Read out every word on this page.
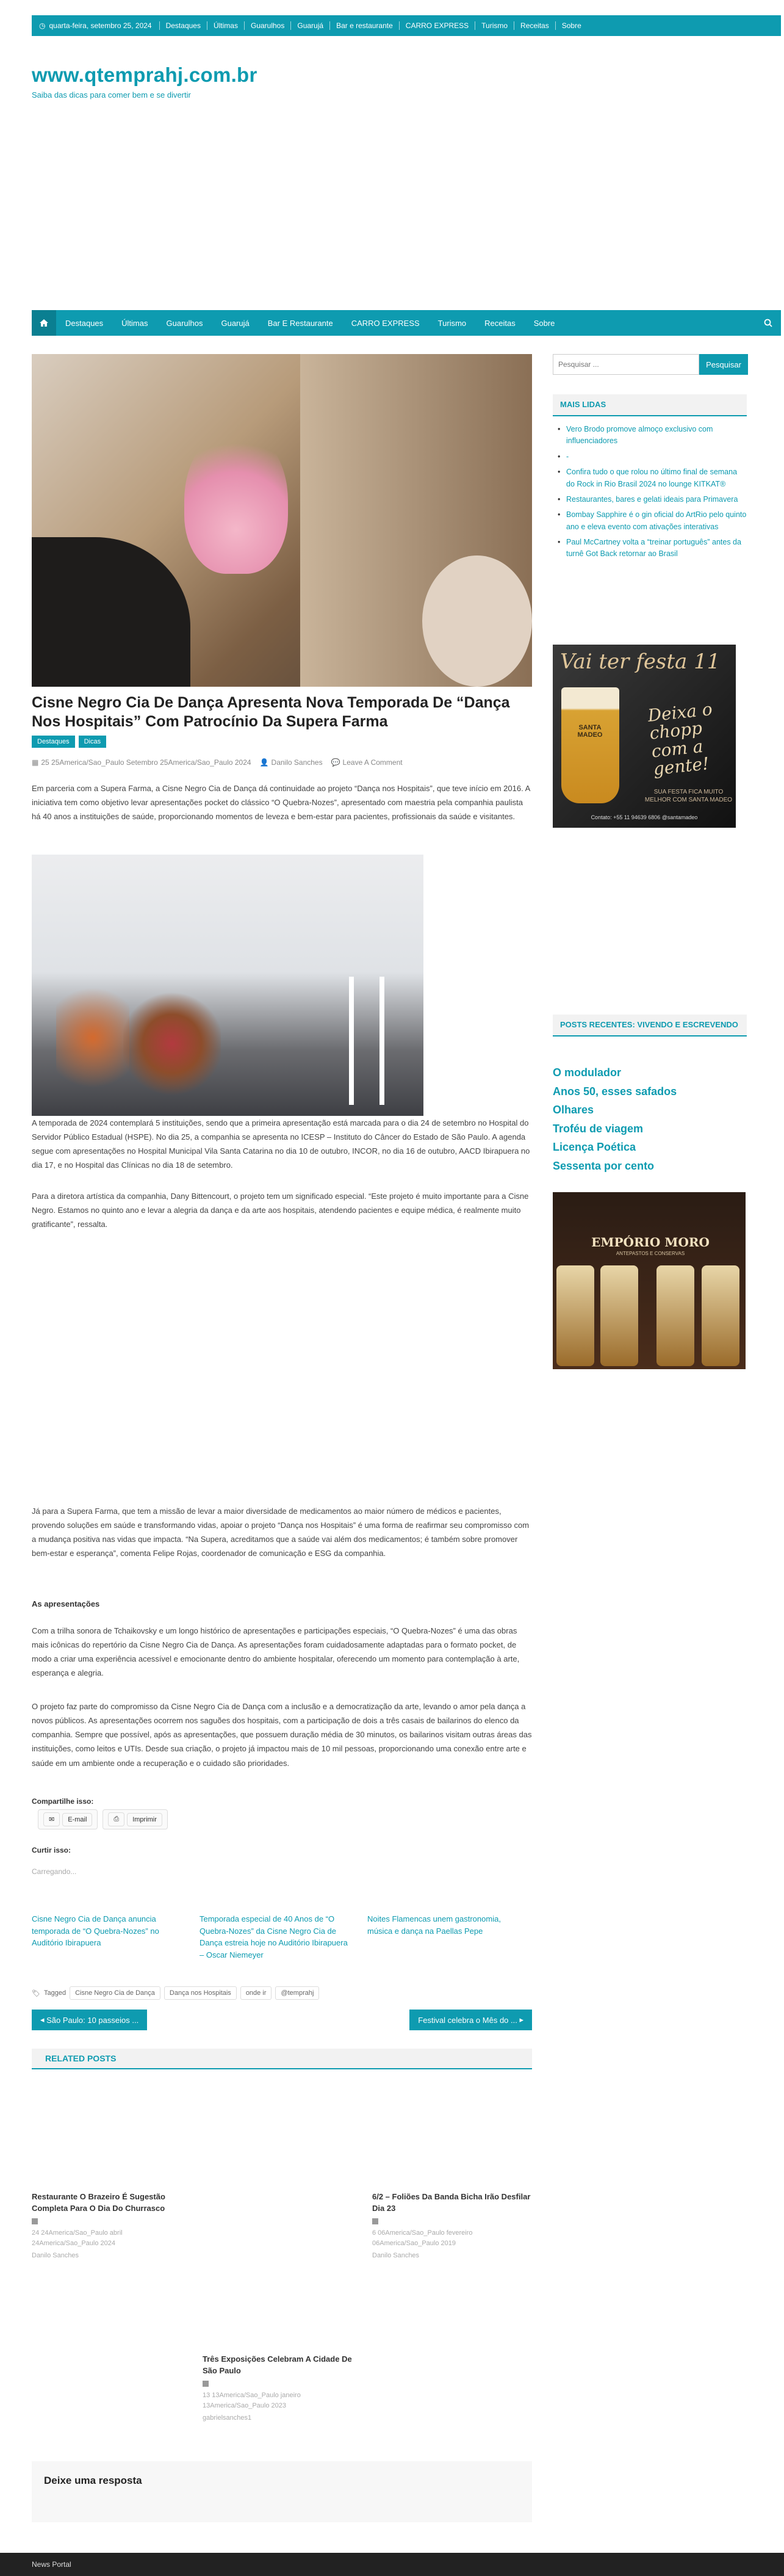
◷ quarta-feira, setembro 25, 2024	Destaques	Últimas	Guarulhos	Guarujá	Bar e restaurante	CARRO EXPRESS	Turismo	Receitas	Sobre
www.qtemprahj.com.br
Saiba das dicas para comer bem e se divertir
Destaques	Últimas	Guarulhos	Guarujá	Bar E Restaurante	CARRO EXPRESS	Turismo	Receitas	Sobre
Cisne Negro Cia De Dança Apresenta Nova Temporada De “Dança Nos Hospitais” Com Patrocínio Da Supera Farma
Destaques	Dicas
▦ 25 25America/Sao_Paulo Setembro 25America/Sao_Paulo 2024 👤 Danilo Sanches 💬 Leave A Comment

Em parceria com a Supera Farma, a Cisne Negro Cia de Dança dá continuidade ao projeto “Dança nos Hospitais”, que teve início em 2016. A iniciativa tem como objetivo levar apresentações pocket do clássico “O Quebra-Nozes”, apresentado com maestria pela companhia paulista há 40 anos a instituições de saúde, proporcionando momentos de leveza e bem-estar para pacientes, profissionais da saúde e visitantes.

A temporada de 2024 contemplará 5 instituições, sendo que a primeira apresentação está marcada para o dia 24 de setembro no Hospital do Servidor Público Estadual (HSPE). No dia 25, a companhia se apresenta no ICESP – Instituto do Câncer do Estado de São Paulo. A agenda segue com apresentações no Hospital Municipal Vila Santa Catarina no dia 10 de outubro, INCOR, no dia 16 de outubro, AACD Ibirapuera no dia 17, e no Hospital das Clínicas no dia 18 de setembro.

Para a diretora artística da companhia, Dany Bittencourt, o projeto tem um significado especial. “Este projeto é muito importante para a Cisne Negro. Estamos no quinto ano e levar a alegria da dança e da arte aos hospitais, atendendo pacientes e equipe médica, é realmente muito gratificante”, ressalta.

Já para a Supera Farma, que tem a missão de levar a maior diversidade de medicamentos ao maior número de médicos e pacientes, provendo soluções em saúde e transformando vidas, apoiar o projeto “Dança nos Hospitais” é uma forma de reafirmar seu compromisso com a mudança positiva nas vidas que impacta. “Na Supera, acreditamos que a saúde vai além dos medicamentos; é também sobre promover bem-estar e esperança”, comenta Felipe Rojas, coordenador de comunicação e ESG da companhia.

As apresentações

Com a trilha sonora de Tchaikovsky e um longo histórico de apresentações e participações especiais, “O Quebra-Nozes” é uma das obras mais icônicas do repertório da Cisne Negro Cia de Dança. As apresentações foram cuidadosamente adaptadas para o formato pocket, de modo a criar uma experiência acessível e emocionante dentro do ambiente hospitalar, oferecendo um momento para contemplação à arte, esperança e alegria.

O projeto faz parte do compromisso da Cisne Negro Cia de Dança com a inclusão e a democratização da arte, levando o amor pela dança a novos públicos. As apresentações ocorrem nos saguões dos hospitais, com a participação de dois a três casais de bailarinos do elenco da companhia. Sempre que possível, após as apresentações, que possuem duração média de 30 minutos, os bailarinos visitam outras áreas das instituições, como leitos e UTIs. Desde sua criação, o projeto já impactou mais de 10 mil pessoas, proporcionando uma conexão entre arte e saúde em um ambiente onde a recuperação e o cuidado são prioridades.

Compartilhe isso:
✉	E-mail	⎙	Imprimir
Curtir isso:
Carregando...
Cisne Negro Cia de Dança anuncia temporada de “O Quebra-Nozes” no Auditório Ibirapuera
Temporada especial de 40 Anos de “O Quebra-Nozes” da Cisne Negro Cia de Dança estreia hoje no Auditório Ibirapuera – Oscar Niemeyer
Noites Flamencas unem gastronomia, música e dança na Paellas Pepe
🏷 Tagged	Cisne Negro Cia de Dança	Dança nos Hospitais	onde ir	@temprahj
◂ São Paulo: 10 passeios ...	Festival celebra o Mês do ... ▸
RELATED POSTS
Restaurante O Brazeiro É Sugestão Completa Para O Dia Do Churrasco
24 24America/Sao_Paulo abril 24America/Sao_Paulo 2024
Danilo Sanches
6/2 – Foliões Da Banda Bicha Irão Desfilar Dia 23
6 06America/Sao_Paulo fevereiro 06America/Sao_Paulo 2019
Danilo Sanches
Três Exposições Celebram A Cidade De São Paulo
13 13America/Sao_Paulo janeiro 13America/Sao_Paulo 2023
gabrielsanches1
Deixe uma resposta
News Portal
Pesquisar ...
Pesquisar
MAIS LIDAS
• Vero Brodo promove almoço exclusivo com influenciadores
• -
• Confira tudo o que rolou no último final de semana do Rock in Rio Brasil 2024 no lounge KITKAT®
• Restaurantes, bares e gelati ideais para Primavera
• Bombay Sapphire é o gin oficial do ArtRio pelo quinto ano e eleva evento com ativações interativas
• Paul McCartney volta a “treinar português” antes da turnê Got Back retornar ao Brasil
Vai ter festa 11
SANTA MADEO
Deixa o chopp com a gente!
SUA FESTA FICA MUITO MELHOR COM SANTA MADEO
Contato: +55 11 94639 6806 @santamadeo
POSTS RECENTES: VIVENDO E ESCREVENDO
O modulador
Anos 50, esses safados
Olhares
Troféu de viagem
Licença Poética
Sessenta por cento
EMPÓRIO MORO
ANTEPASTOS E CONSERVAS
